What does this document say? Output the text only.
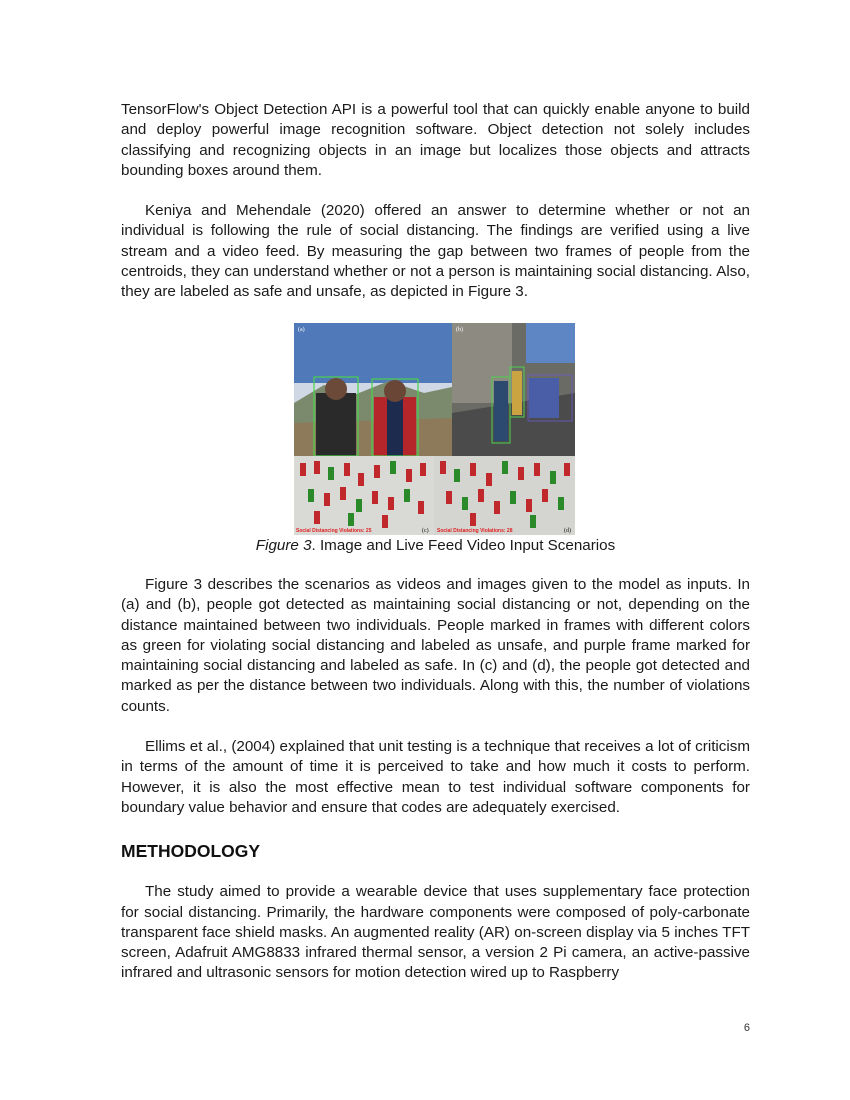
TensorFlow's Object Detection API is a powerful tool that can quickly enable anyone to build and deploy powerful image recognition software. Object detection not solely includes classifying and recognizing objects in an image but localizes those objects and attracts bounding boxes around them.

Keniya and Mehendale (2020) offered an answer to determine whether or not an individual is following the rule of social distancing. The findings are verified using a live stream and a video feed. By measuring the gap between two frames of people from the centroids, they can understand whether or not a person is maintaining social distancing. Also, they are labeled as safe and unsafe, as depicted in Figure 3.

(a)	(b)
Social Distancing Violations: 25	(c) Social Distancing Violations: 28	(d)
Figure 3. Image and Live Feed Video Input Scenarios

Figure 3 describes the scenarios as videos and images given to the model as inputs. In (a) and (b), people got detected as maintaining social distancing or not, depending on the distance maintained between two individuals. People marked in frames with different colors as green for violating social distancing and labeled as unsafe, and purple frame marked for maintaining social distancing and labeled as safe. In (c) and (d), the people got detected and marked as per the distance between two individuals. Along with this, the number of violations counts.

Ellims et al., (2004) explained that unit testing is a technique that receives a lot of criticism in terms of the amount of time it is perceived to take and how much it costs to perform. However, it is also the most effective mean to test individual software components for boundary value behavior and ensure that codes are adequately exercised.

METHODOLOGY

The study aimed to provide a wearable device that uses supplementary face protection for social distancing. Primarily, the hardware components were composed of poly-carbonate transparent face shield masks. An augmented reality (AR) on-screen display via 5 inches TFT screen, Adafruit AMG8833 infrared thermal sensor, a version 2 Pi camera, an active-passive infrared and ultrasonic sensors for motion detection wired up to Raspberry

6
